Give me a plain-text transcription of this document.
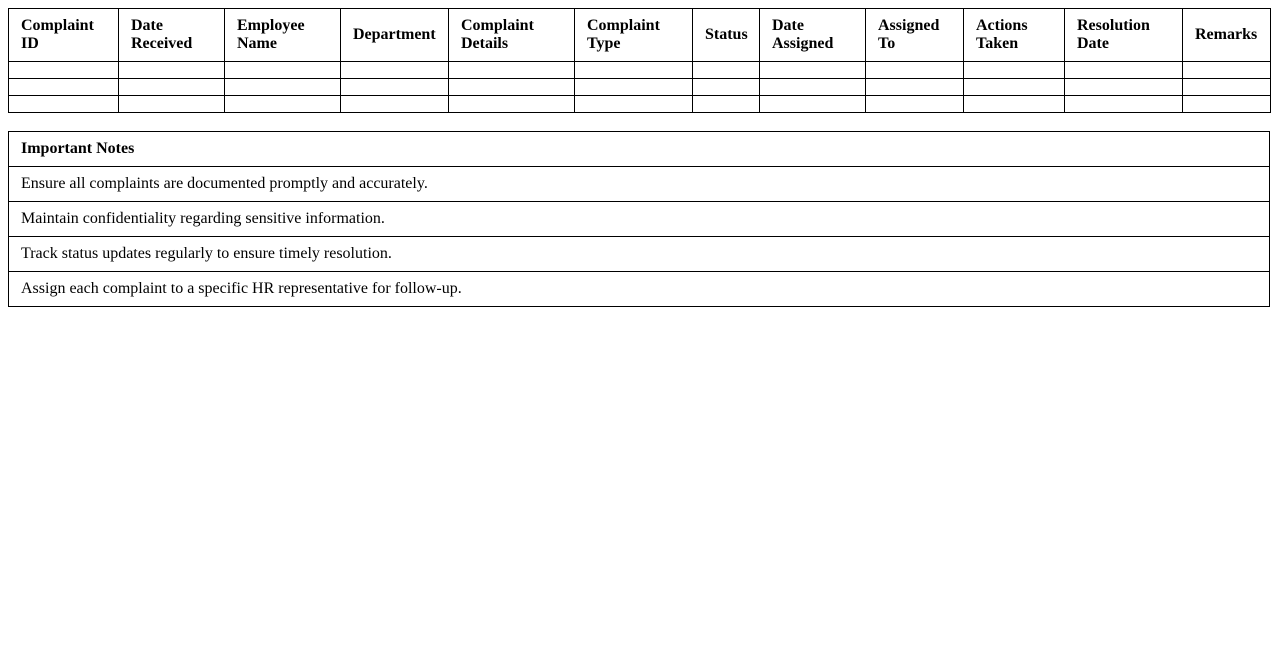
Complaint ID	Date Received	Employee Name	Department	Complaint Details	Complaint Type	Status	Date Assigned	Assigned To	Actions Taken	Resolution Date	Remarks

Important Notes
Ensure all complaints are documented promptly and accurately.
Maintain confidentiality regarding sensitive information.
Track status updates regularly to ensure timely resolution.
Assign each complaint to a specific HR representative for follow-up.
